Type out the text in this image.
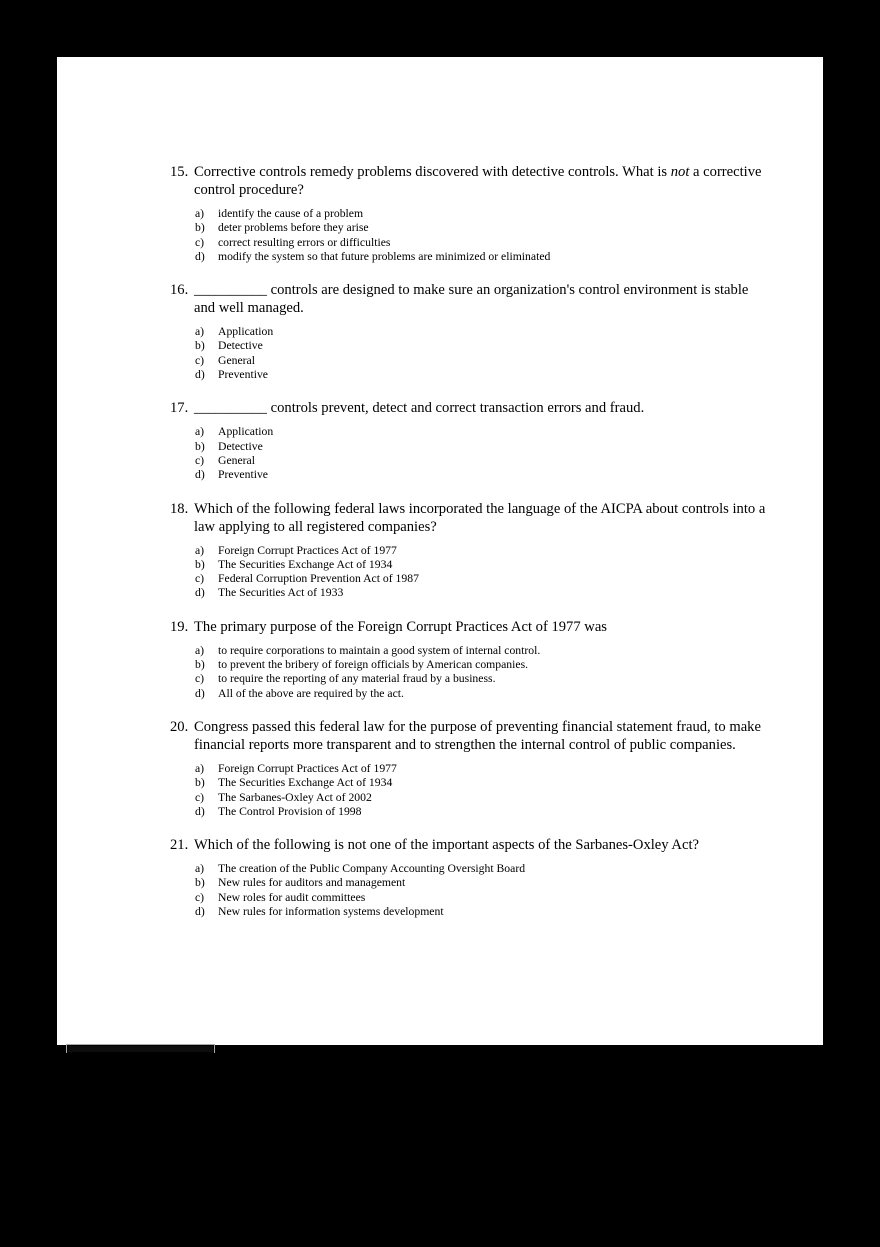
15. Corrective controls remedy problems discovered with detective controls. What is not a corrective control procedure?
a)	identify the cause of a problem
b)	deter problems before they arise
c)	correct resulting errors or difficulties
d)	modify the system so that future problems are minimized or eliminated
16. __________ controls are designed to make sure an organization's control environment is stable and well managed.
a)	Application
b)	Detective
c)	General
d)	Preventive
17. __________ controls prevent, detect and correct transaction errors and fraud.
a)	Application
b)	Detective
c)	General
d)	Preventive
18. Which of the following federal laws incorporated the language of the AICPA about controls into a law applying to all registered companies?
a)	Foreign Corrupt Practices Act of 1977
b)	The Securities Exchange Act of 1934
c)	Federal Corruption Prevention Act of 1987
d)	The Securities Act of 1933
19. The primary purpose of the Foreign Corrupt Practices Act of 1977 was
a)	to require corporations to maintain a good system of internal control.
b)	to prevent the bribery of foreign officials by American companies.
c)	to require the reporting of any material fraud by a business.
d)	All of the above are required by the act.
20. Congress passed this federal law for the purpose of preventing financial statement fraud, to make financial reports more transparent and to strengthen the internal control of public companies.
a)	Foreign Corrupt Practices Act of 1977
b)	The Securities Exchange Act of 1934
c)	The Sarbanes-Oxley Act of 2002
d)	The Control Provision of 1998
21. Which of the following is not one of the important aspects of the Sarbanes-Oxley Act?
a)	The creation of the Public Company Accounting Oversight Board
b)	New rules for auditors and management
c)	New roles for audit committees
d)	New rules for information systems development
